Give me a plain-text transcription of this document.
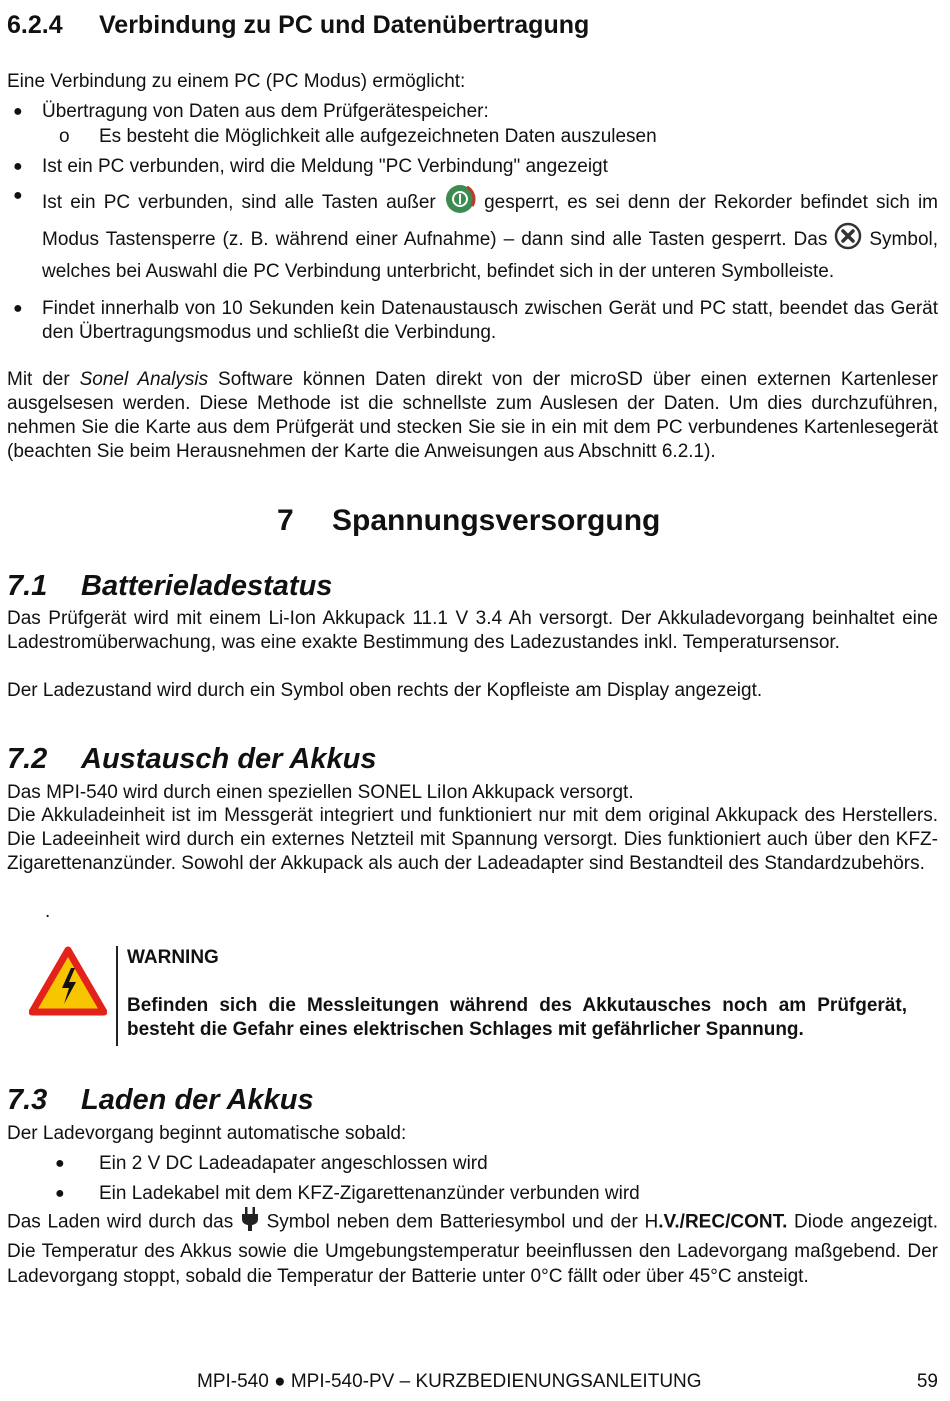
6.2.4 Verbindung zu PC und Datenübertragung
Eine Verbindung zu einem PC (PC Modus) ermöglicht:
● Übertragung von Daten aus dem Prüfgerätespeicher:
o Es besteht die Möglichkeit alle aufgezeichneten Daten auszulesen
● Ist ein PC verbunden, wird die Meldung "PC Verbindung" angezeigt
● Ist ein PC verbunden, sind alle Tasten außer	gesperrt, es sei denn der Rekorder befindet sich im Modus Tastensperre (z. B. während einer Aufnahme) – dann sind alle Tasten gesperrt. Das Symbol, welches bei Auswahl die PC Verbindung unterbricht, befindet sich in der unteren Symbolleiste.
● Findet innerhalb von 10 Sekunden kein Datenaustausch zwischen Gerät und PC statt, beendet das Gerät den Übertragungsmodus und schließt die Verbindung.
Mit der Sonel Analysis Software können Daten direkt von der microSD über einen externen Kartenleser ausgelsesen werden. Diese Methode ist die schnellste zum Auslesen der Daten. Um dies durchzuführen, nehmen Sie die Karte aus dem Prüfgerät und stecken Sie sie in ein mit dem PC verbundenes Kartenlesegerät (beachten Sie beim Herausnehmen der Karte die Anweisungen aus Abschnitt 6.2.1).
7 Spannungsversorgung
7.1 Batterieladestatus
Das Prüfgerät wird mit einem Li-Ion Akkupack 11.1 V 3.4 Ah versorgt. Der Akkuladevorgang beinhaltet eine Ladestromüberwachung, was eine exakte Bestimmung des Ladezustandes inkl. Temperatursensor.
Der Ladezustand wird durch ein Symbol oben rechts der Kopfleiste am Display angezeigt.
7.2 Austausch der Akkus
Das MPI-540 wird durch einen speziellen SONEL LiIon Akkupack versorgt.
Die Akkuladeinheit ist im Messgerät integriert und funktioniert nur mit dem original Akkupack des Herstellers. Die Ladeeinheit wird durch ein externes Netzteil mit Spannung versorgt. Dies funktioniert auch über den KFZ-Zigarettenanzünder. Sowohl der Akkupack als auch der Ladeadapter sind Bestandteil des Standardzubehörs.
.
WARNING
Befinden sich die Messleitungen während des Akkutausches noch am Prüfgerät, besteht die Gefahr eines elektrischen Schlages mit gefährlicher Spannung.
7.3 Laden der Akkus
Der Ladevorgang beginnt automatische sobald:
● Ein 2 V DC Ladeadapater angeschlossen wird
● Ein Ladekabel mit dem KFZ-Zigarettenanzünder verbunden wird
Das Laden wird durch das Symbol neben dem Batteriesymbol und der H.V./REC/CONT. Diode angezeigt. Die Temperatur des Akkus sowie die Umgebungstemperatur beeinflussen den Ladevorgang maßgebend. Der Ladevorgang stoppt, sobald die Temperatur der Batterie unter 0°C fällt oder über 45°C ansteigt.
MPI-540 ● MPI-540-PV – KURZBEDIENUNGSANLEITUNG	59
